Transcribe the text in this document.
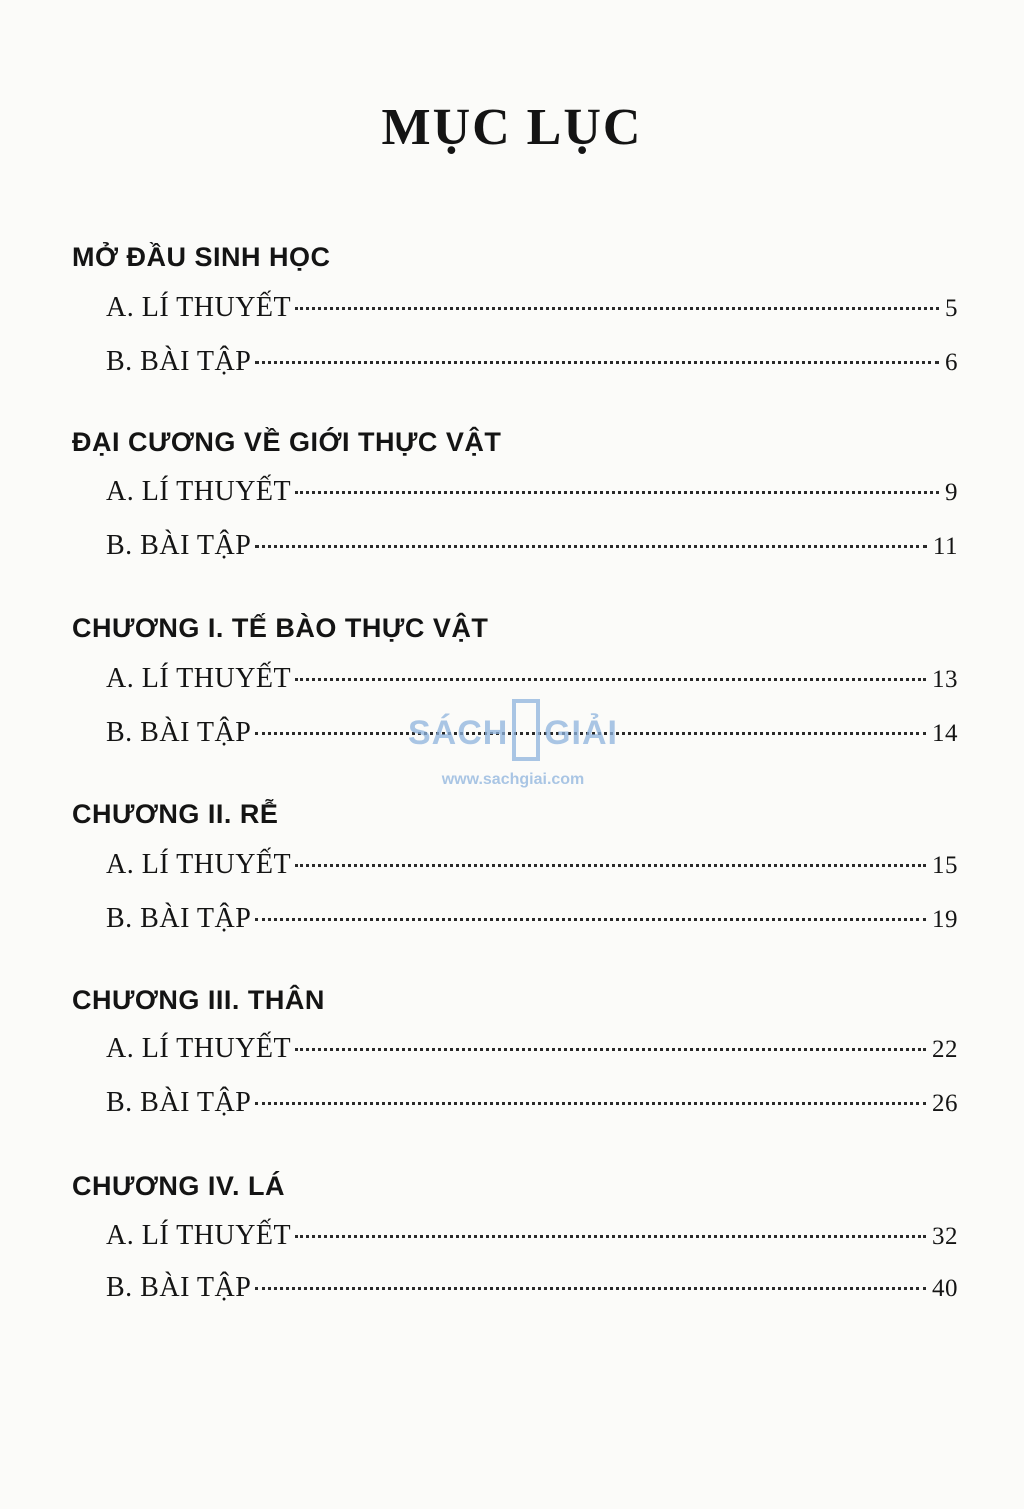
MỤC LỤC
MỞ ĐẦU SINH HỌC
A. LÍ THUYẾT	5
B. BÀI TẬP	6
ĐẠI CƯƠNG VỀ GIỚI THỰC VẬT
A. LÍ THUYẾT	9
B. BÀI TẬP	11
CHƯƠNG I. TẾ BÀO THỰC VẬT
A. LÍ THUYẾT	13
B. BÀI TẬP	14
CHƯƠNG II. RỄ
A. LÍ THUYẾT	15
B. BÀI TẬP	19
CHƯƠNG III. THÂN
A. LÍ THUYẾT	22
B. BÀI TẬP	26
CHƯƠNG IV. LÁ
A. LÍ THUYẾT	32
B. BÀI TẬP	40
SÁCH GIẢI
www.sachgiai.com
